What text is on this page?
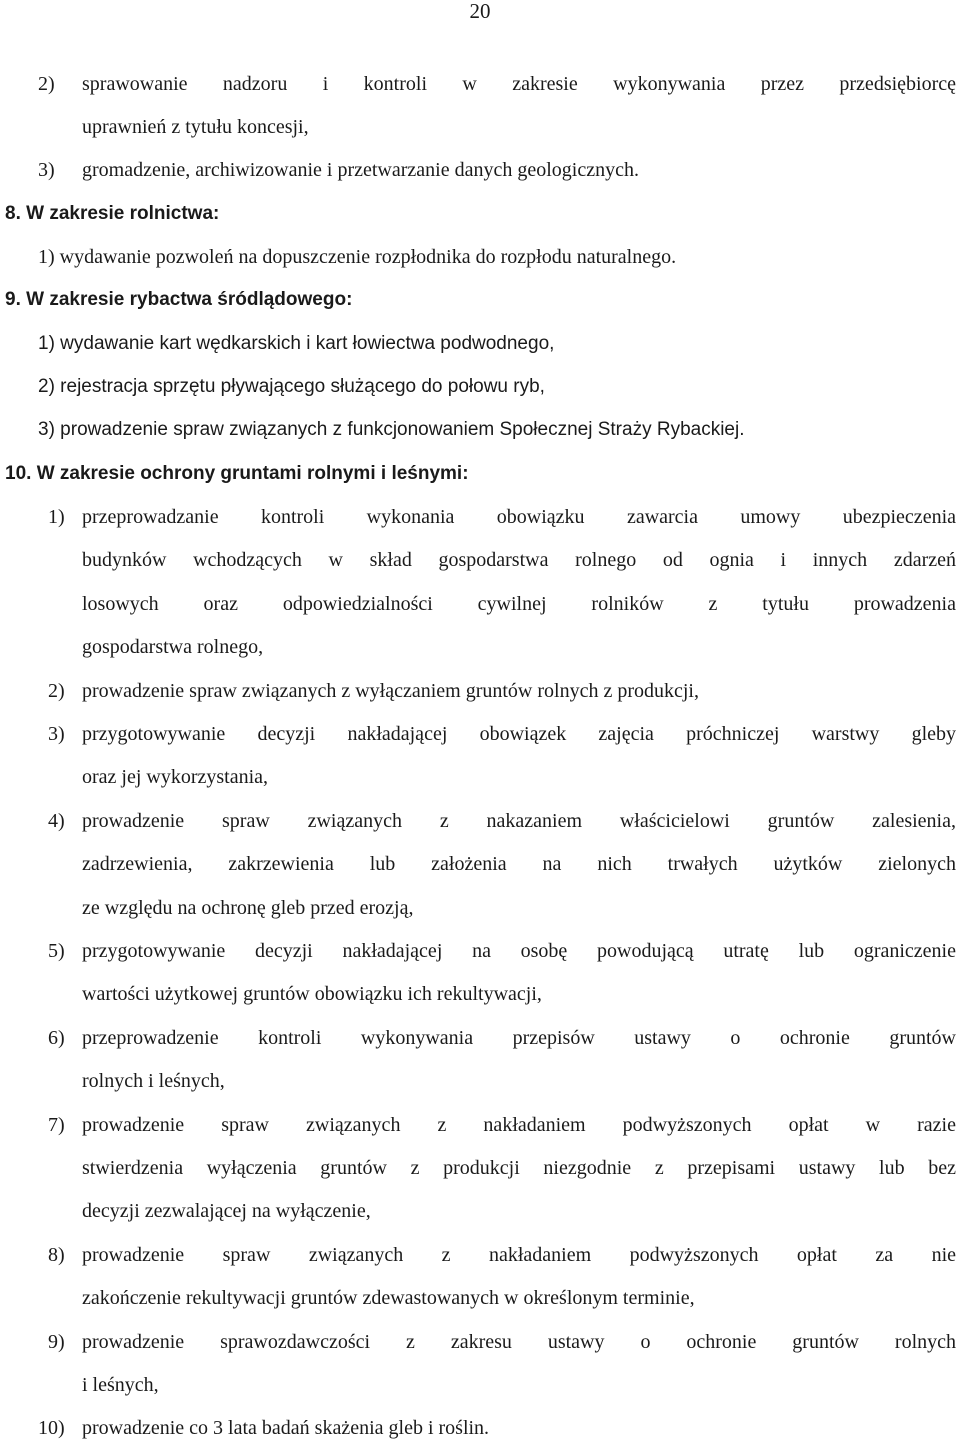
20
2) sprawowanie nadzoru i kontroli w zakresie wykonywania przez przedsiębiorcę
uprawnień z tytułu koncesji,
3) gromadzenie, archiwizowanie i przetwarzanie danych geologicznych.
8. W zakresie rolnictwa:
1) wydawanie pozwoleń na dopuszczenie rozpłodnika do rozpłodu naturalnego.
9. W zakresie rybactwa śródlądowego:
1) wydawanie kart wędkarskich i kart łowiectwa podwodnego,
2) rejestracja sprzętu pływającego służącego do połowu ryb,
3) prowadzenie spraw związanych z funkcjonowaniem Społecznej Straży Rybackiej.
10. W zakresie ochrony gruntami rolnymi i leśnymi:
1) przeprowadzanie kontroli wykonania obowiązku zawarcia umowy ubezpieczenia
budynków wchodzących w skład gospodarstwa rolnego od ognia i innych zdarzeń
losowych oraz odpowiedzialności cywilnej rolników z tytułu prowadzenia
gospodarstwa rolnego,
2) prowadzenie spraw związanych z wyłączaniem gruntów rolnych z produkcji,
3) przygotowywanie decyzji nakładającej obowiązek zajęcia próchniczej warstwy gleby
oraz jej wykorzystania,
4) prowadzenie spraw związanych z nakazaniem właścicielowi gruntów zalesienia,
zadrzewienia, zakrzewienia lub założenia na nich trwałych użytków zielonych
ze względu na ochronę gleb przed erozją,
5) przygotowywanie decyzji nakładającej na osobę powodującą utratę lub ograniczenie
wartości użytkowej gruntów obowiązku ich rekultywacji,
6) przeprowadzenie kontroli wykonywania przepisów ustawy o ochronie gruntów
rolnych i leśnych,
7) prowadzenie spraw związanych z nakładaniem podwyższonych opłat w razie
stwierdzenia wyłączenia gruntów z produkcji niezgodnie z przepisami ustawy lub bez
decyzji zezwalającej na wyłączenie,
8) prowadzenie spraw związanych z nakładaniem podwyższonych opłat za nie
zakończenie rekultywacji gruntów zdewastowanych w określonym terminie,
9) prowadzenie sprawozdawczości z zakresu ustawy o ochronie gruntów rolnych
i leśnych,
10) prowadzenie co 3 lata badań skażenia gleb i roślin.
